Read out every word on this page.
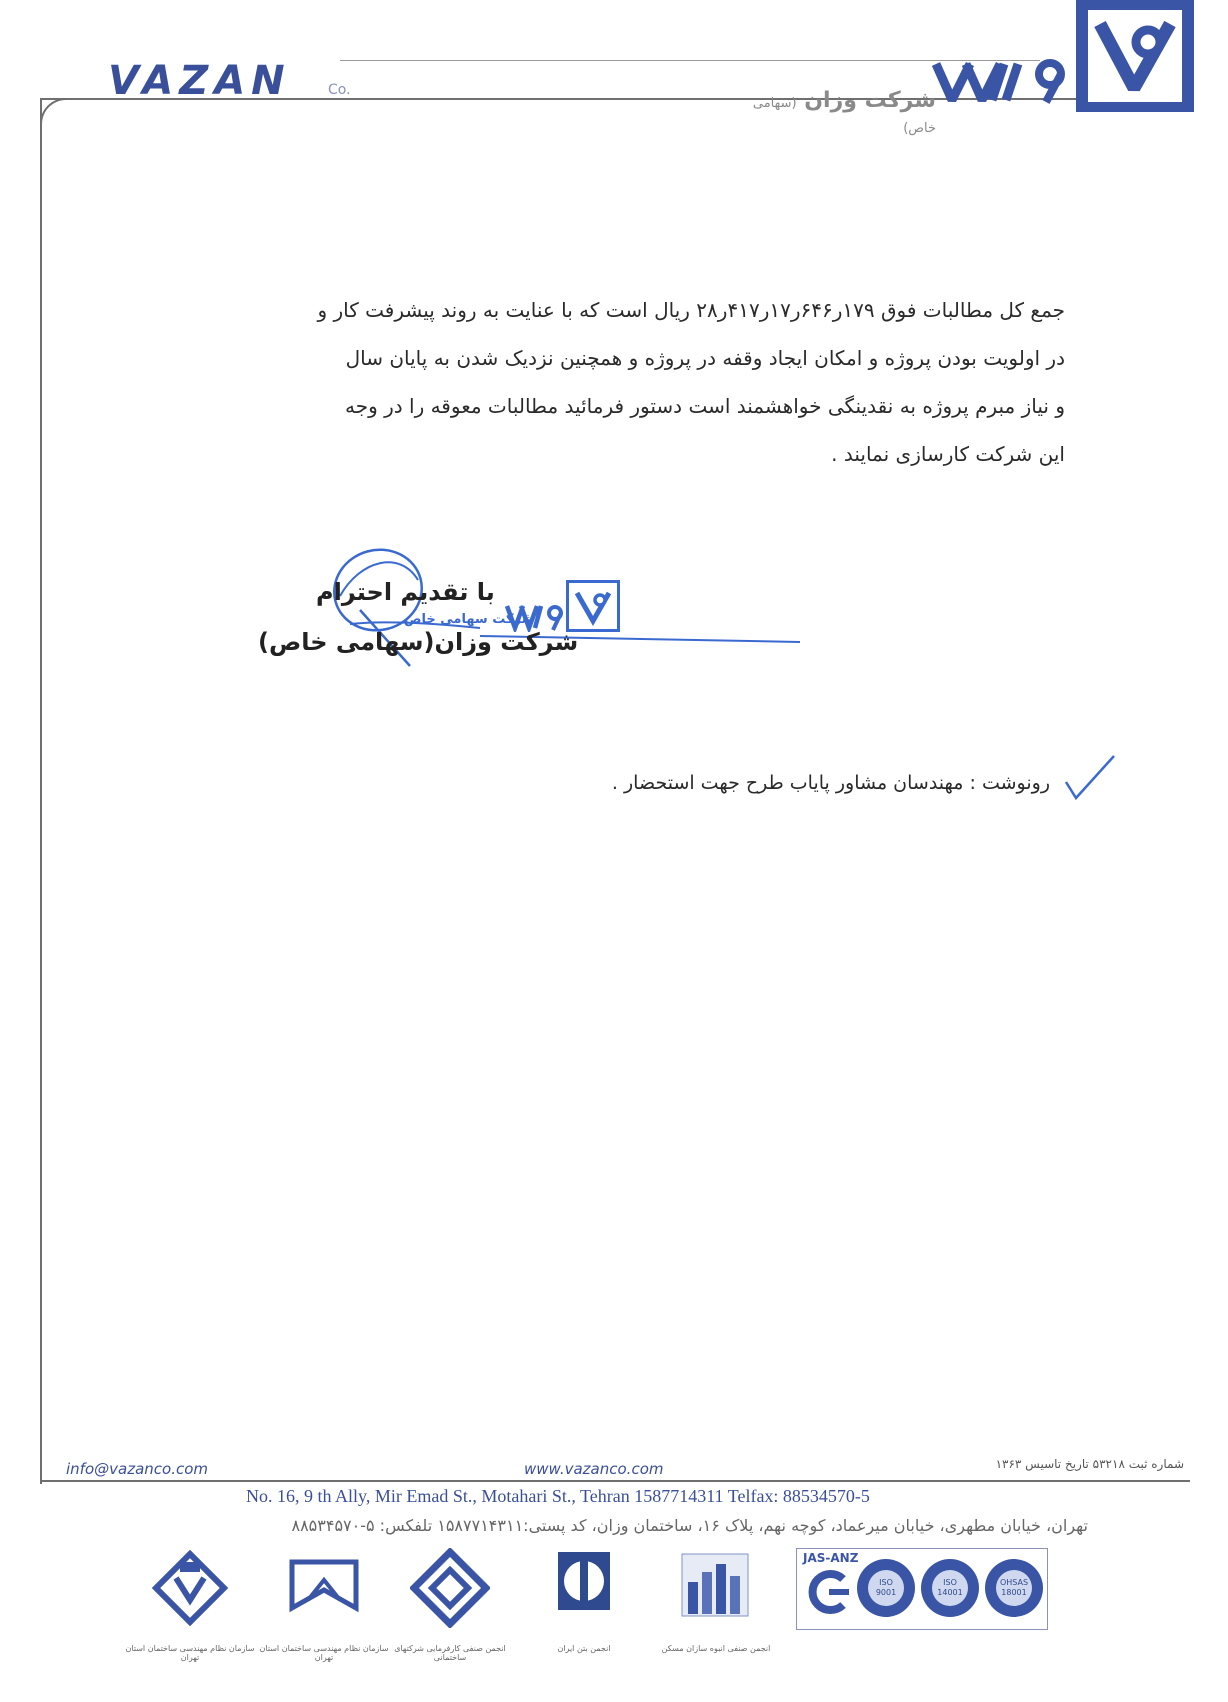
VAZAN	Co.	شرکت وزان (سهامی خاص)

جمع کل مطالبات فوق ۱۷۹ر۶۴۶ر۱۷ر۴۱۷ر۲۸ ریال است که با عنایت به روند پیشرفت کار و

در اولویت بودن پروژه و امکان ایجاد وقفه در پروژه و همچنین نزدیک شدن به پایان سال

و نیاز مبرم پروژه به نقدینگی خواهشمند است دستور فرمائید مطالبات معوقه را در وجه

این شرکت کارسازی نمایند .

با تقدیم احترام
شرکت وزان(سهامی خاص)
شرکت سهامی خاص
رونوشت : مهندسان مشاور پایاب طرح جهت استحضار .
info@vazanco.com	www.vazanco.com	شماره ثبت ۵۳۲۱۸ تاریخ تاسیس ۱۳۶۳
No. 16, 9 th Ally, Mir Emad St., Motahari St., Tehran 1587714311 Telfax: 88534570-5
تهران، خیابان مطهری، خیابان میرعماد، کوچه نهم، پلاک ۱۶، ساختمان وزان، کد پستی:۱۵۸۷۷۱۴۳۱۱ تلفکس: ۵-۸۸۵۳۴۵۷۰
سازمان نظام مهندسی ساختمان استان تهران
سازمان نظام مهندسی ساختمان استان تهران
انجمن صنفی کارفرمایی شرکتهای ساختمانی
انجمن بتن ایران	انجمن صنفی انبوه سازان مسکن
JAS-ANZ
ISO 9001
ISO 14001
OHSAS 18001
